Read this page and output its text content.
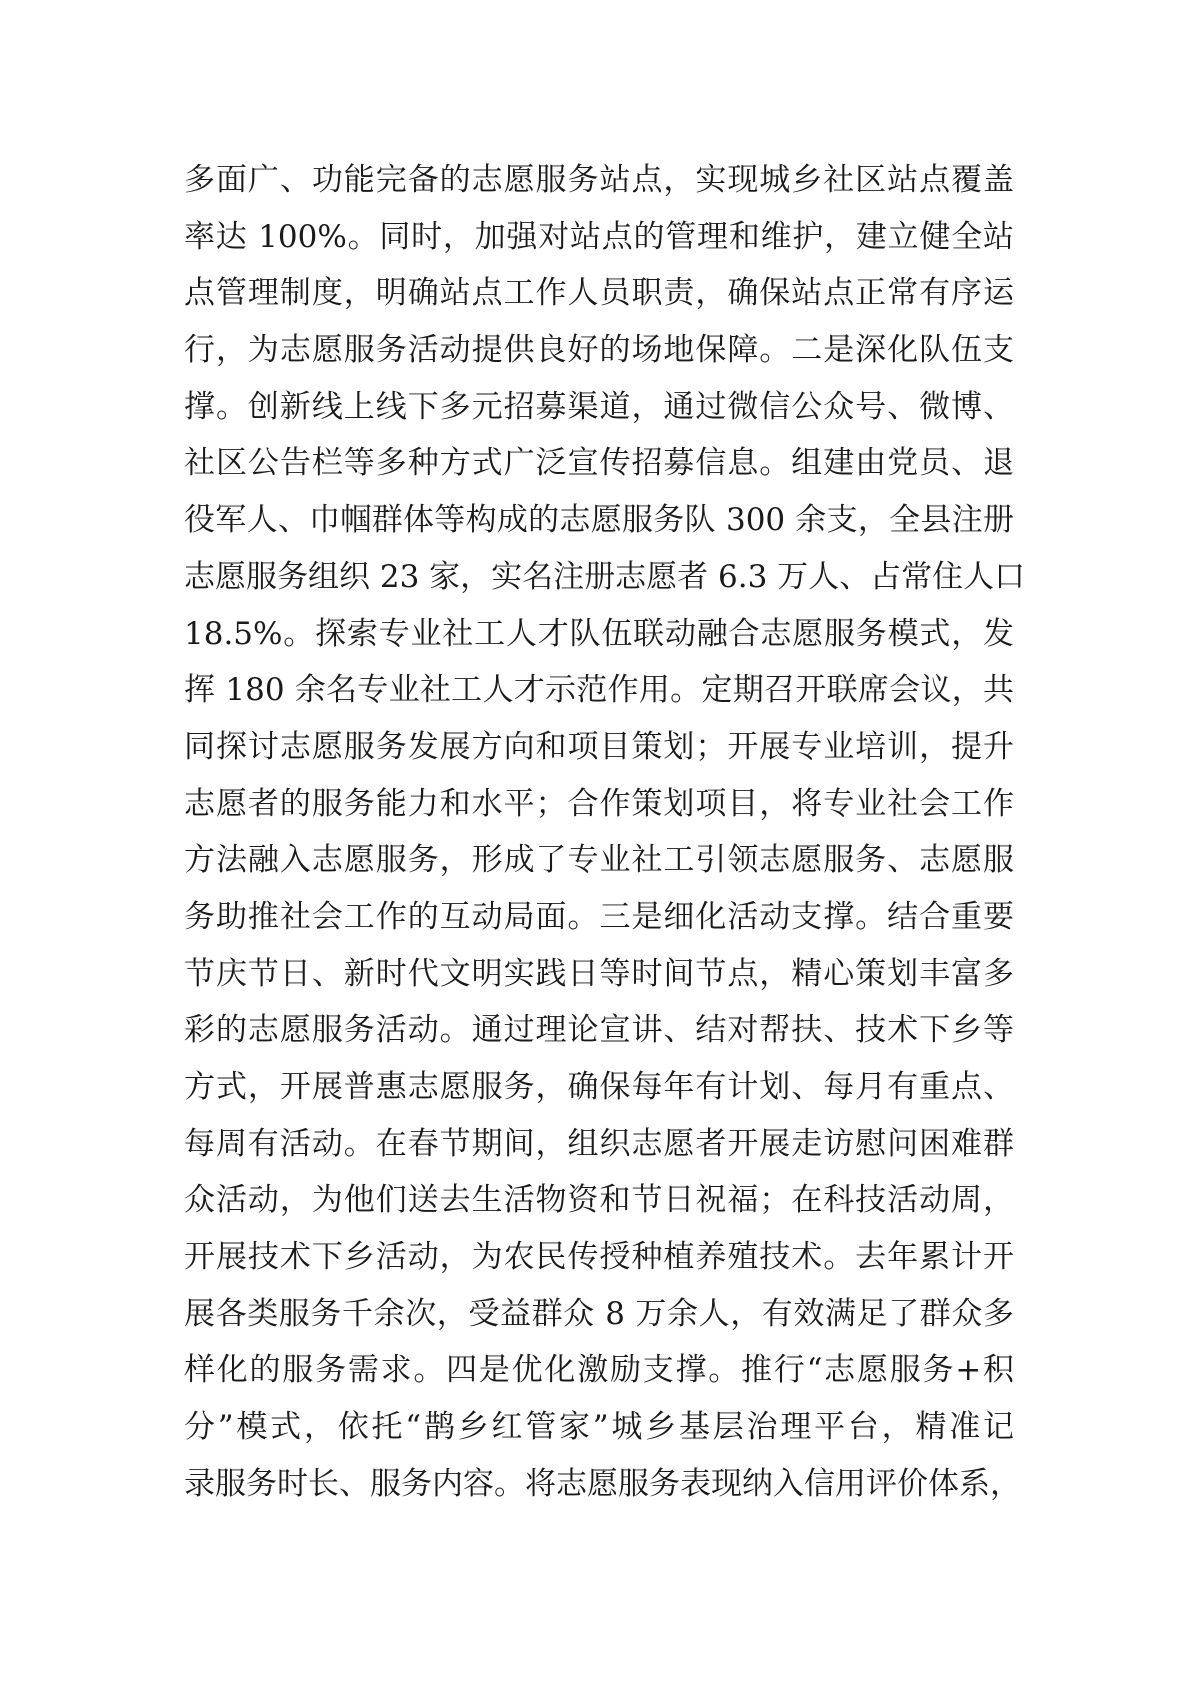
多面广、功能完备的志愿服务站点，实现城乡社区站点覆盖
率达 100%。同时，加强对站点的管理和维护，建立健全站
点管理制度，明确站点工作人员职责，确保站点正常有序运
行，为志愿服务活动提供良好的场地保障。二是深化队伍支
撑。创新线上线下多元招募渠道，通过微信公众号、微博、
社区公告栏等多种方式广泛宣传招募信息。组建由党员、退
役军人、巾帼群体等构成的志愿服务队 300 余支，全县注册
志愿服务组织 23 家，实名注册志愿者 6.3 万人、占常住人口
18.5%。探索专业社工人才队伍联动融合志愿服务模式，发
挥 180 余名专业社工人才示范作用。定期召开联席会议，共
同探讨志愿服务发展方向和项目策划；开展专业培训，提升
志愿者的服务能力和水平；合作策划项目，将专业社会工作
方法融入志愿服务，形成了专业社工引领志愿服务、志愿服
务助推社会工作的互动局面。三是细化活动支撑。结合重要
节庆节日、新时代文明实践日等时间节点，精心策划丰富多
彩的志愿服务活动。通过理论宣讲、结对帮扶、技术下乡等
方式，开展普惠志愿服务，确保每年有计划、每月有重点、
每周有活动。在春节期间，组织志愿者开展走访慰问困难群
众活动，为他们送去生活物资和节日祝福；在科技活动周，
开展技术下乡活动，为农民传授种植养殖技术。去年累计开
展各类服务千余次，受益群众 8 万余人，有效满足了群众多
样化的服务需求。四是优化激励支撑。推行“志愿服务+积
分”模式，依托“鹊乡红管家”城乡基层治理平台，精准记
录服务时长、服务内容。将志愿服务表现纳入信用评价体系，
